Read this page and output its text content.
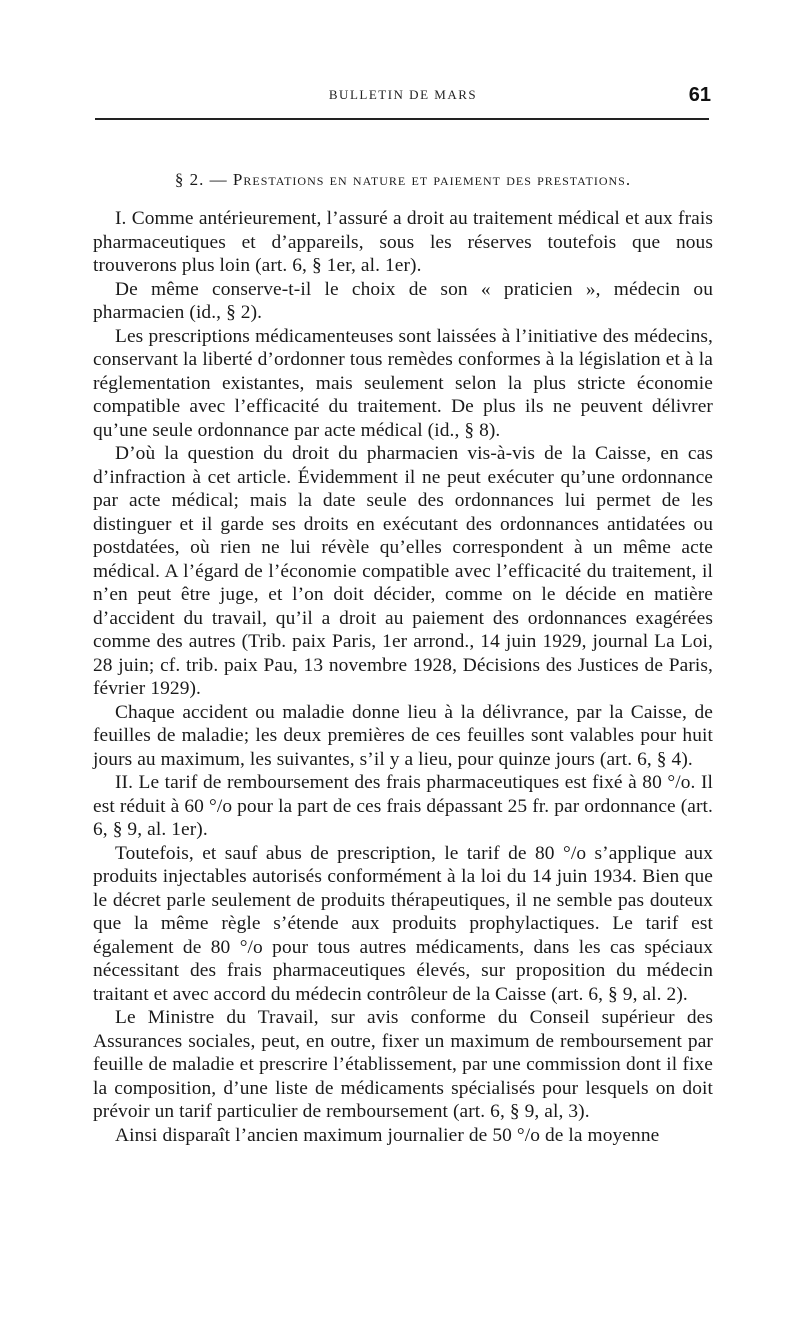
BULLETIN DE MARS	61
§ 2. — Prestations en nature et paiement des prestations.

I. Comme antérieurement, l’assuré a droit au traitement médical et aux frais pharmaceutiques et d’appareils, sous les réserves toutefois que nous trouverons plus loin (art. 6, § 1er, al. 1er).

De même conserve-t-il le choix de son « praticien », médecin ou pharmacien (id., § 2).

Les prescriptions médicamenteuses sont laissées à l’initiative des médecins, conservant la liberté d’ordonner tous remèdes conformes à la législation et à la réglementation existantes, mais seulement selon la plus stricte économie compatible avec l’efficacité du traitement. De plus ils ne peuvent délivrer qu’une seule ordonnance par acte médical (id., § 8).

D’où la question du droit du pharmacien vis-à-vis de la Caisse, en cas d’infraction à cet article. Évidemment il ne peut exécuter qu’une ordonnance par acte médical; mais la date seule des ordonnances lui permet de les distinguer et il garde ses droits en exécutant des ordonnances antidatées ou postdatées, où rien ne lui révèle qu’elles correspondent à un même acte médical. A l’égard de l’économie compatible avec l’efficacité du traitement, il n’en peut être juge, et l’on doit décider, comme on le décide en matière d’accident du travail, qu’il a droit au paiement des ordonnances exagérées comme des autres (Trib. paix Paris, 1er arrond., 14 juin 1929, journal La Loi, 28 juin; cf. trib. paix Pau, 13 novembre 1928, Décisions des Justices de Paris, février 1929).

Chaque accident ou maladie donne lieu à la délivrance, par la Caisse, de feuilles de maladie; les deux premières de ces feuilles sont valables pour huit jours au maximum, les suivantes, s’il y a lieu, pour quinze jours (art. 6, § 4).

II. Le tarif de remboursement des frais pharmaceutiques est fixé à 80 °/o. Il est réduit à 60 °/o pour la part de ces frais dépassant 25 fr. par ordonnance (art. 6, § 9, al. 1er).

Toutefois, et sauf abus de prescription, le tarif de 80 °/o s’applique aux produits injectables autorisés conformément à la loi du 14 juin 1934. Bien que le décret parle seulement de produits thérapeutiques, il ne semble pas douteux que la même règle s’étende aux produits prophylactiques. Le tarif est également de 80 °/o pour tous autres médicaments, dans les cas spéciaux nécessitant des frais pharmaceutiques élevés, sur proposition du médecin traitant et avec accord du médecin contrôleur de la Caisse (art. 6, § 9, al. 2).

Le Ministre du Travail, sur avis conforme du Conseil supérieur des Assurances sociales, peut, en outre, fixer un maximum de remboursement par feuille de maladie et prescrire l’établissement, par une commission dont il fixe la composition, d’une liste de médicaments spécialisés pour lesquels on doit prévoir un tarif particulier de remboursement (art. 6, § 9, al, 3).

Ainsi disparaît l’ancien maximum journalier de 50 °/o de la moyenne
